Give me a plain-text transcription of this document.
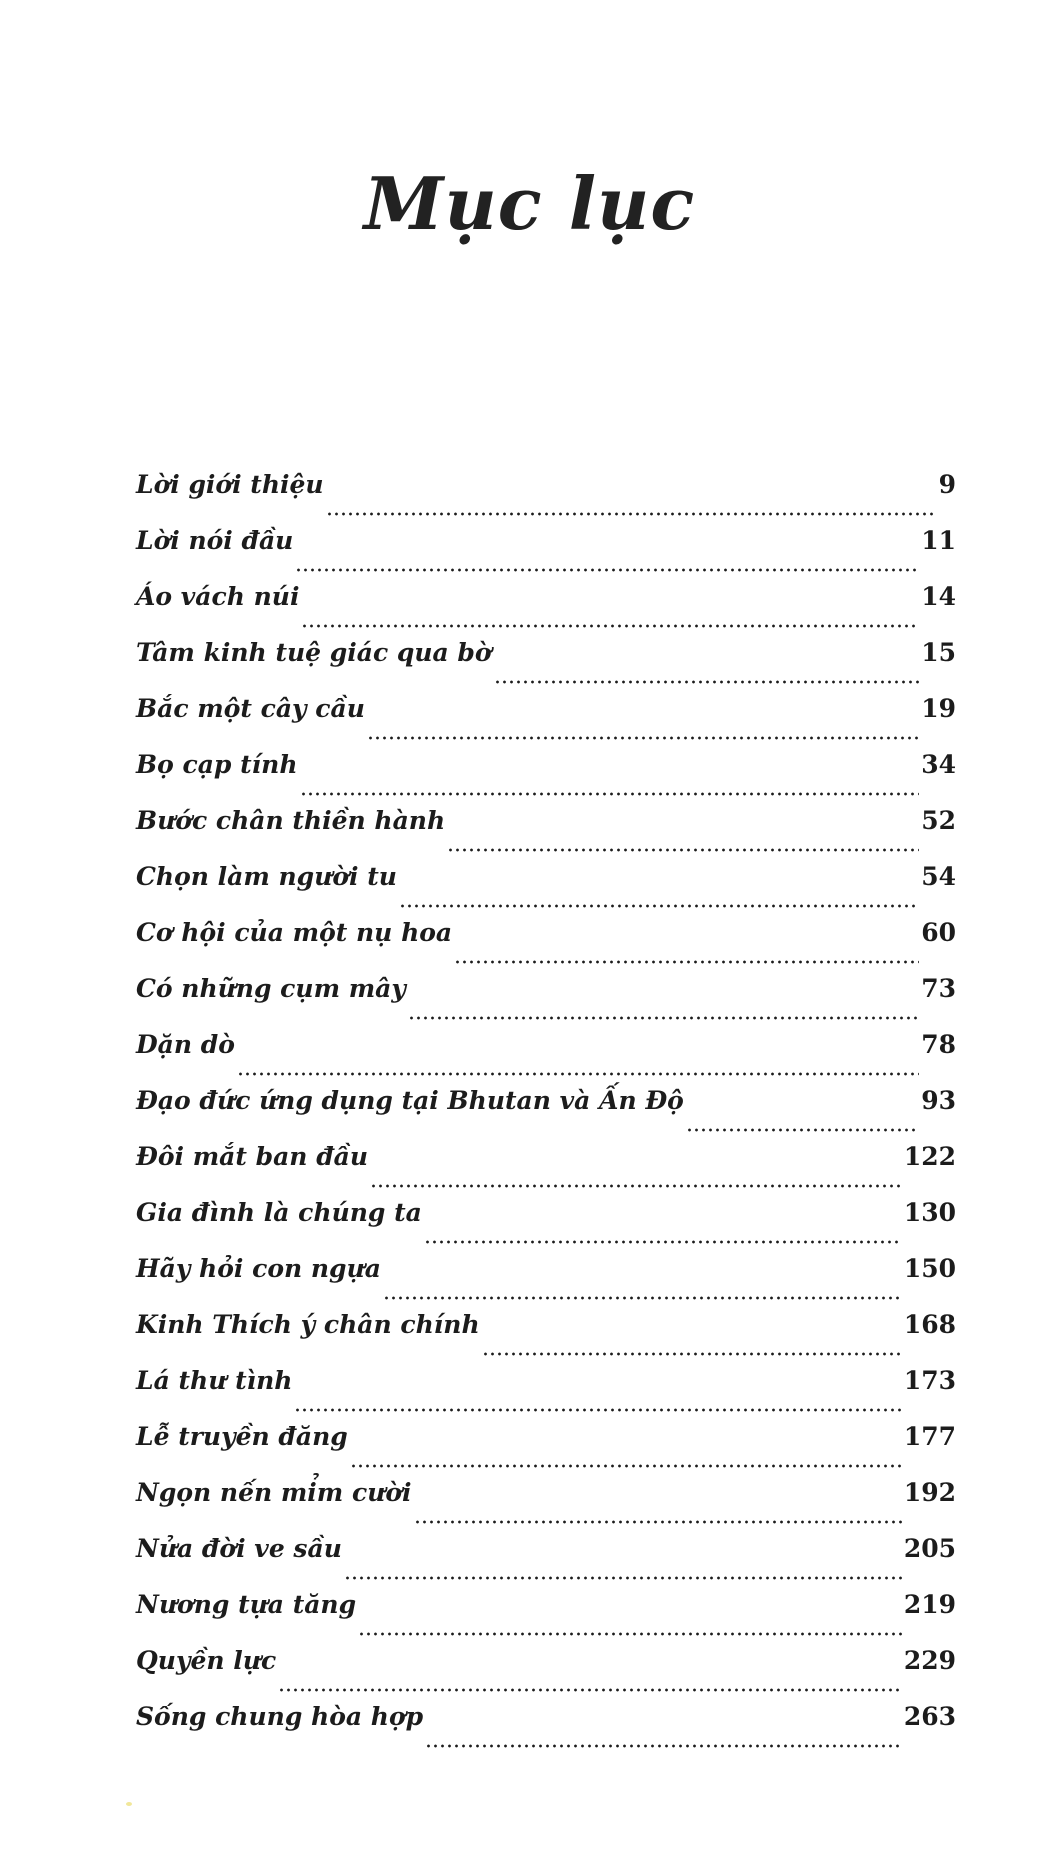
Mục lục
Lời giới thiệu	9
Lời nói đầu	11
Áo vách núi	14
Tâm kinh tuệ giác qua bờ	15
Bắc một cây cầu	19
Bọ cạp tính	34
Bước chân thiền hành	52
Chọn làm người tu	54
Cơ hội của một nụ hoa	60
Có những cụm mây	73
Dặn dò	78
Đạo đức ứng dụng tại Bhutan và Ấn Độ	93
Đôi mắt ban đầu	122
Gia đình là chúng ta	130
Hãy hỏi con ngựa	150
Kinh Thích ý chân chính	168
Lá thư tình	173
Lễ truyền đăng	177
Ngọn nến mỉm cười	192
Nửa đời ve sầu	205
Nương tựa tăng	219
Quyền lực	229
Sống chung hòa hợp	263
